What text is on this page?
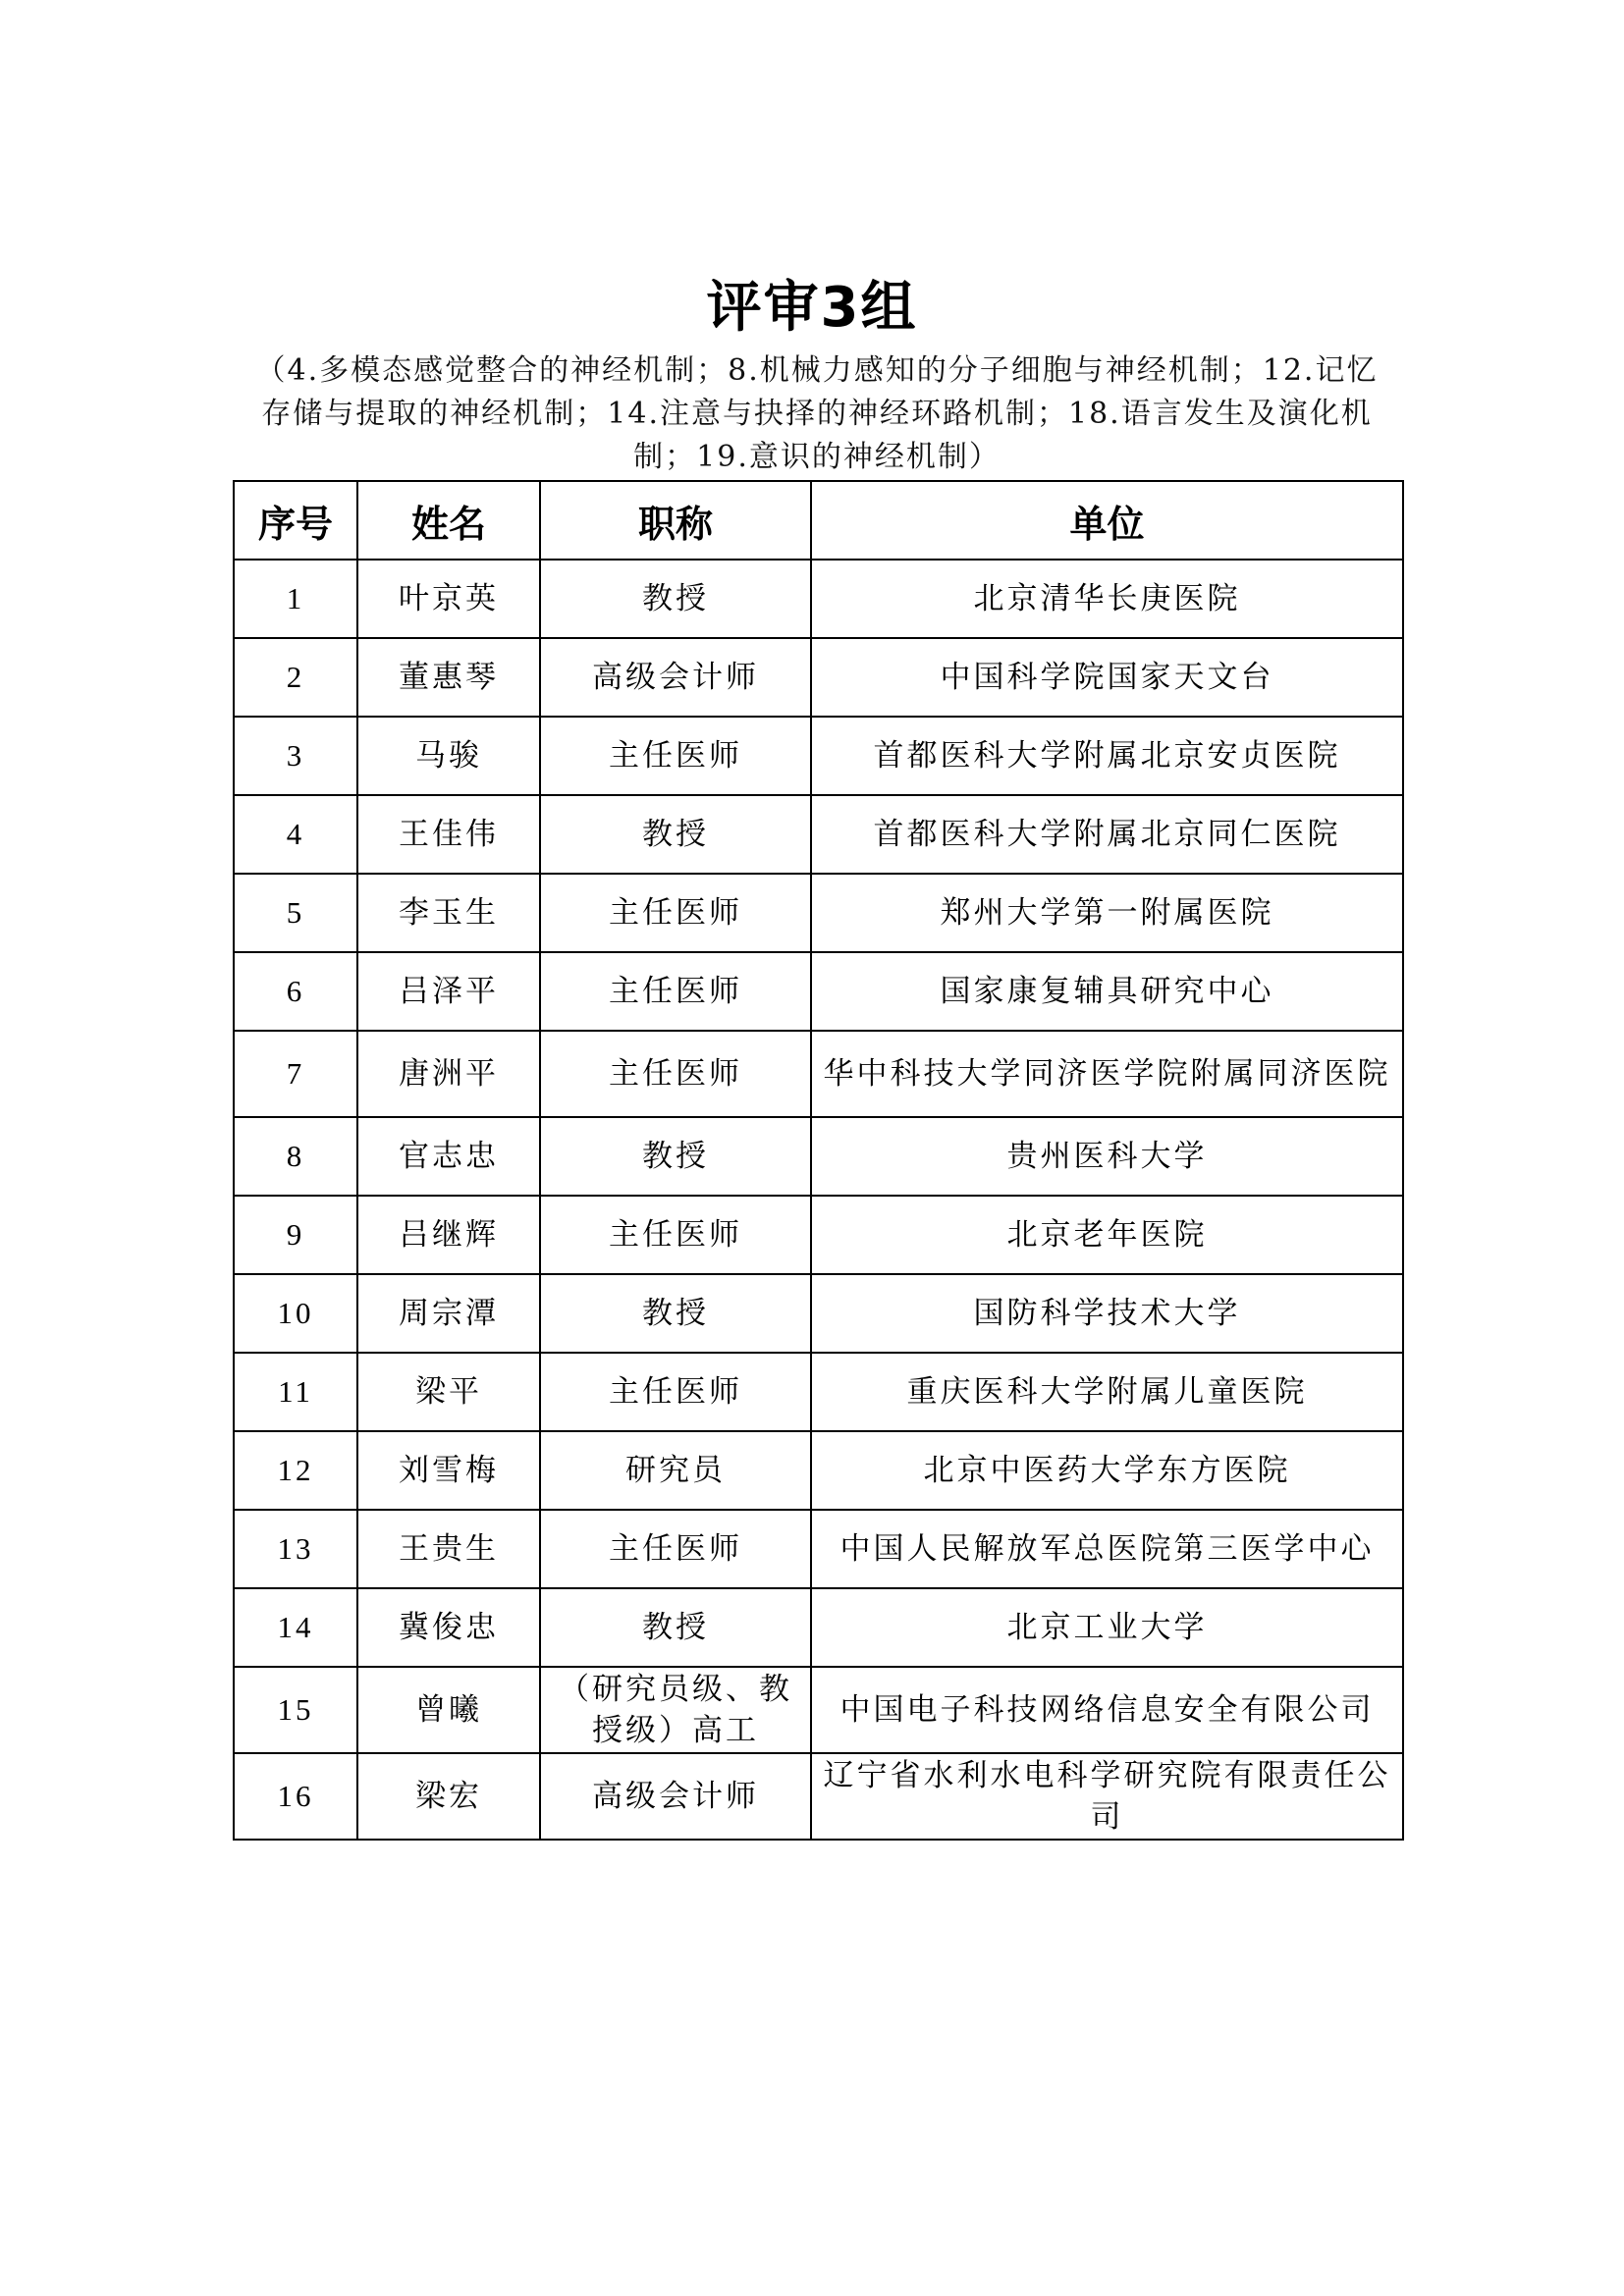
评审3组
（4.多模态感觉整合的神经机制；8.机械力感知的分子细胞与神经机制；12.记忆存储与提取的神经机制；14.注意与抉择的神经环路机制；18.语言发生及演化机制；19.意识的神经机制）
序号	姓名	职称	单位
1	叶京英	教授	北京清华长庚医院
2	董惠琴	高级会计师	中国科学院国家天文台
3	马骏	主任医师	首都医科大学附属北京安贞医院
4	王佳伟	教授	首都医科大学附属北京同仁医院
5	李玉生	主任医师	郑州大学第一附属医院
6	吕泽平	主任医师	国家康复辅具研究中心
7	唐洲平	主任医师	华中科技大学同济医学院附属同济医院
8	官志忠	教授	贵州医科大学
9	吕继辉	主任医师	北京老年医院
10	周宗潭	教授	国防科学技术大学
11	梁平	主任医师	重庆医科大学附属儿童医院
12	刘雪梅	研究员	北京中医药大学东方医院
13	王贵生	主任医师	中国人民解放军总医院第三医学中心
14	冀俊忠	教授	北京工业大学
15	曾曦	（研究员级、教授级）高工	中国电子科技网络信息安全有限公司
16	梁宏	高级会计师	辽宁省水利水电科学研究院有限责任公司
